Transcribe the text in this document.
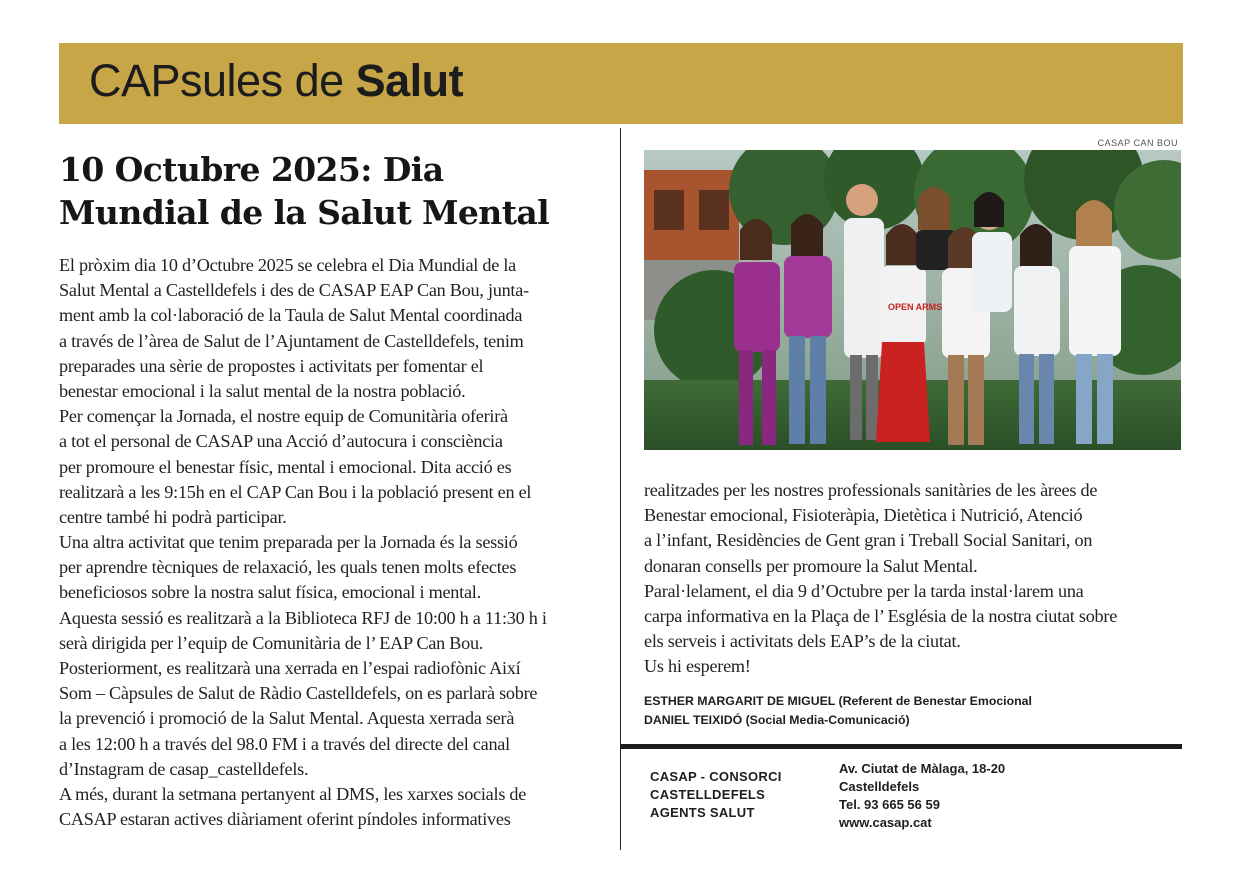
CAPsules de Salut
10 Octubre 2025: Dia
Mundial de la Salut Mental
El pròxim dia 10 d’Octubre 2025 se celebra el Dia Mundial de la
Salut Mental a Castelldefels i des de CASAP EAP Can Bou, junta-
ment amb la col·laboració de la Taula de Salut Mental coordinada
a través de l’àrea de Salut de l’Ajuntament de Castelldefels, tenim
preparades una sèrie de propostes i activitats per fomentar el
benestar emocional i la salut mental de la nostra població.
Per començar la Jornada, el nostre equip de Comunitària oferirà
a tot el personal de CASAP una Acció d’autocura i consciència
per promoure el benestar físic, mental i emocional. Dita acció es
realitzarà a les 9:15h en el CAP Can Bou i la població present en el
centre també hi podrà participar.
Una altra activitat que tenim preparada per la Jornada és la sessió
per aprendre tècniques de relaxació, les quals tenen molts efectes
beneficiosos sobre la nostra salut física, emocional i mental.
Aquesta sessió es realitzarà a la Biblioteca RFJ de 10:00 h a 11:30 h i
serà dirigida per l’equip de Comunitària de l’ EAP Can Bou.
Posteriorment, es realitzarà una xerrada en l’espai radiofònic Així
Som – Càpsules de Salut de Ràdio Castelldefels, on es parlarà sobre
la prevenció i promoció de la Salut Mental. Aquesta xerrada serà
a les 12:00 h a través del 98.0 FM i a través del directe del canal
d’Instagram de casap_castelldefels.
A més, durant la setmana pertanyent al DMS, les xarxes socials de
CASAP estaran actives diàriament oferint píndoles informatives
CASAP CAN BOU
OPEN ARMS
realitzades per les nostres professionals sanitàries de les àrees de
Benestar emocional, Fisioteràpia, Dietètica i Nutrició, Atenció
a l’infant, Residències de Gent gran i Treball Social Sanitari, on
donaran consells per promoure la Salut Mental.
Paral·lelament, el dia 9 d’Octubre per la tarda instal·larem una
carpa informativa en la Plaça de l’ Església de la nostra ciutat sobre
els serveis i activitats dels EAP’s de la ciutat.
Us hi esperem!
ESTHER MARGARIT DE MIGUEL (Referent de Benestar Emocional
DANIEL TEIXIDÓ (Social Media-Comunicació)
CASAP - CONSORCI
CASTELLDEFELS
AGENTS SALUT
Av. Ciutat de Màlaga, 18-20
Castelldefels
Tel. 93 665 56 59
www.casap.cat
